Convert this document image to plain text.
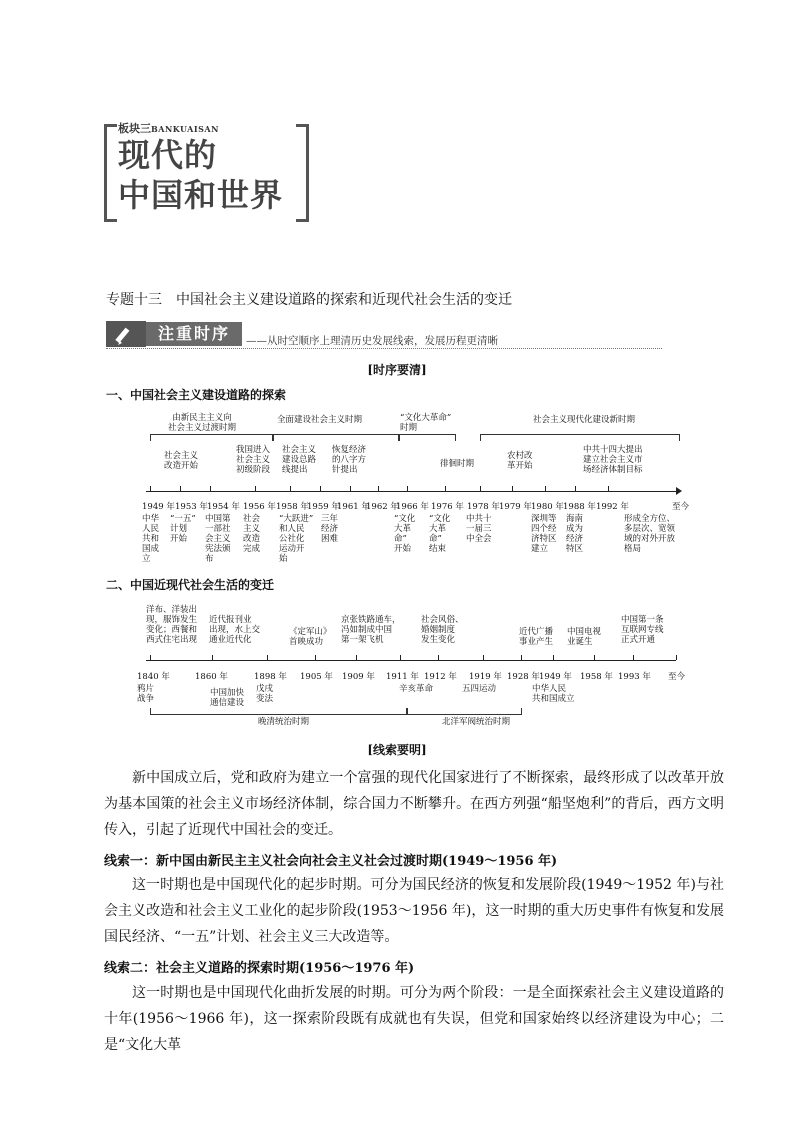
板块三BANKUAISAN
现代的
中国和世界
专题十三　中国社会主义建设道路的探索和近现代社会生活的变迁
注重时序	——从时空顺序上理清历史发展线索，发展历程更清晰
[时序要清]
一、中国社会主义建设道路的探索
由新民主主义向
社会主义过渡时期
全面建设社会主义时期	“文化大革命”
时期
社会主义现代化建设新时期
社会主义
改造开始
我国进入
社会主义
初级阶段
社会主义
建设总路
线提出
恢复经济
的八字方
针提出
徘徊时期
农村改
革开始
中共十四大提出
建立社会主义市
场经济体制目标
1949 年 1953 年 1954 年 1956 年 1958 年
1959 年
1961 年
1962 年
1966 年 1976 年 1978 年 1979 年 1980 年 1988 年 1992 年	至今
中华
人民
共和
国成
立
“一五”
计划
开始
中国第
一部社
会主义
宪法颁
布
社会
主义
改造
完成
“大跃进”
和人民
公社化
运动开
始
三年
经济
困难
“文化
大革
命”
开始
“文化
大革
命”
结束
中共十
一届三
中全会
深圳等
四个经
济特区
建立
海南
成为
经济
特区
形成全方位、
多层次、宽领
域的对外开放
格局
二、中国近现代社会生活的变迁
洋布、洋装出
现，服饰发生
变化；西餐和
西式住宅出现
近代报刊业
出现，水上交
通业近代化
《定军山》
首映成功
京张铁路通车，
冯如制成中国
第一架飞机
社会风俗、
婚姻制度
发生变化
近代广播
事业产生
中国电视
业诞生
中国第一条
互联网专线
正式开通
1840 年	1860 年	1898 年 1905 年 1909 年 1911 年 1912 年 1919 年 1928 年 1949 年 1958 年 1993 年 至今
鸦片
战争
中国加快
通信建设
戊戌
变法
辛亥革命	五四运动	中华人民
共和国成立
晚清统治时期	北洋军阀统治时期
[线索要明]
新中国成立后，党和政府为建立一个富强的现代化国家进行了不断探索，最终形成了以改革开放为基本国策的社会主义市场经济体制，综合国力不断攀升。在西方列强“船坚炮利”的背后，西方文明传入，引起了近现代中国社会的变迁。
线索一：新中国由新民主主义社会向社会主义社会过渡时期(1949～1956 年)
这一时期也是中国现代化的起步时期。可分为国民经济的恢复和发展阶段(1949～1952 年)与社会主义改造和社会主义工业化的起步阶段(1953～1956 年)，这一时期的重大历史事件有恢复和发展国民经济、“一五”计划、社会主义三大改造等。
线索二：社会主义道路的探索时期(1956～1976 年)
这一时期也是中国现代化曲折发展的时期。可分为两个阶段：一是全面探索社会主义建设道路的十年(1956～1966 年)，这一探索阶段既有成就也有失误，但党和国家始终以经济建设为中心；二是“文化大革
